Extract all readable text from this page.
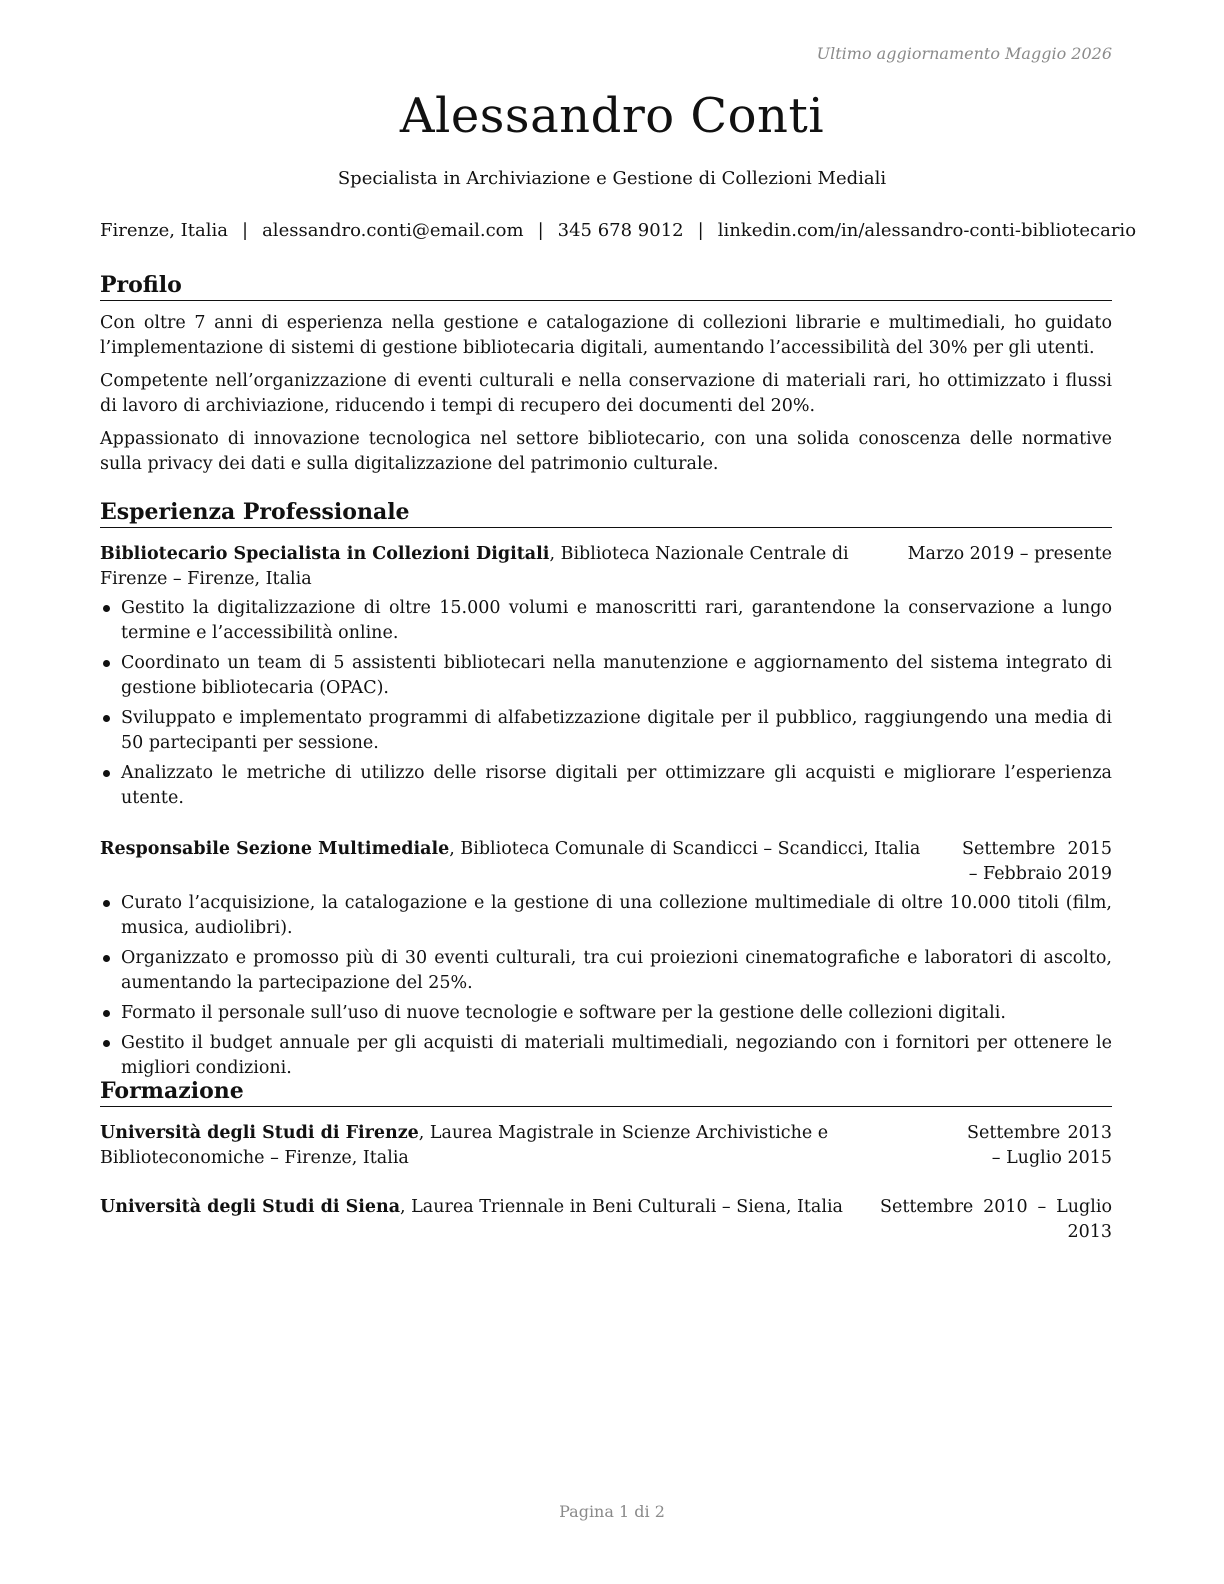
Ultimo aggiornamento Maggio 2026
Alessandro Conti
Specialista in Archiviazione e Gestione di Collezioni Mediali
Firenze, Italia | alessandro.conti@email.com | 345 678 9012 | linkedin.com/in/alessandro-conti-bibliotecario
Profilo

Con oltre 7 anni di esperienza nella gestione e catalogazione di collezioni librarie e multimediali, ho guidato l’implementazione di sistemi di gestione bibliotecaria digitali, aumentando l’accessibilità del 30% per gli utenti.

Competente nell’organizzazione di eventi culturali e nella conservazione di materiali rari, ho ottimizzato i flussi di lavoro di archiviazione, riducendo i tempi di recupero dei documenti del 20%.

Appassionato di innovazione tecnologica nel settore bibliotecario, con una solida conoscenza delle normative sulla privacy dei dati e sulla digitalizzazione del patrimonio culturale.

Esperienza Professionale
Bibliotecario Specialista in Collezioni Digitali, Biblioteca Nazionale Centrale di Firenze – Firenze, Italia
Marzo 2019 – presente
Gestito la digitalizzazione di oltre 15.000 volumi e manoscritti rari, garantendone la conservazione a lungo termine e l’accessibilità online.
Coordinato un team di 5 assistenti bibliotecari nella manutenzione e aggiornamento del sistema integrato di gestione bibliotecaria (OPAC).
Sviluppato e implementato programmi di alfabetizzazione digitale per il pubblico, raggiungendo una media di 50 partecipanti per sessione.
Analizzato le metriche di utilizzo delle risorse digitali per ottimizzare gli acquisti e migliorare l’esperienza utente.
Responsabile Sezione Multimediale, Biblioteca Comunale di Scandicci – Scandicci, Italia	Settembre 2015 – Febbraio 2019
Curato l’acquisizione, la catalogazione e la gestione di una collezione multimediale di oltre 10.000 titoli (film, musica, audiolibri).
Organizzato e promosso più di 30 eventi culturali, tra cui proiezioni cinematografiche e laboratori di ascolto, aumentando la partecipazione del 25%.
Formato il personale sull’uso di nuove tecnologie e software per la gestione delle collezioni digitali.
Gestito il budget annuale per gli acquisti di materiali multimediali, negoziando con i fornitori per ottenere le migliori condizioni.
Formazione
Università degli Studi di Firenze, Laurea Magistrale in Scienze Archivistiche e Biblioteconomiche – Firenze, Italia
Settembre 2013 – Luglio 2015
Università degli Studi di Siena, Laurea Triennale in Beni Culturali – Siena, Italia	Settembre 2010 – Luglio 2013
Pagina 1 di 2
